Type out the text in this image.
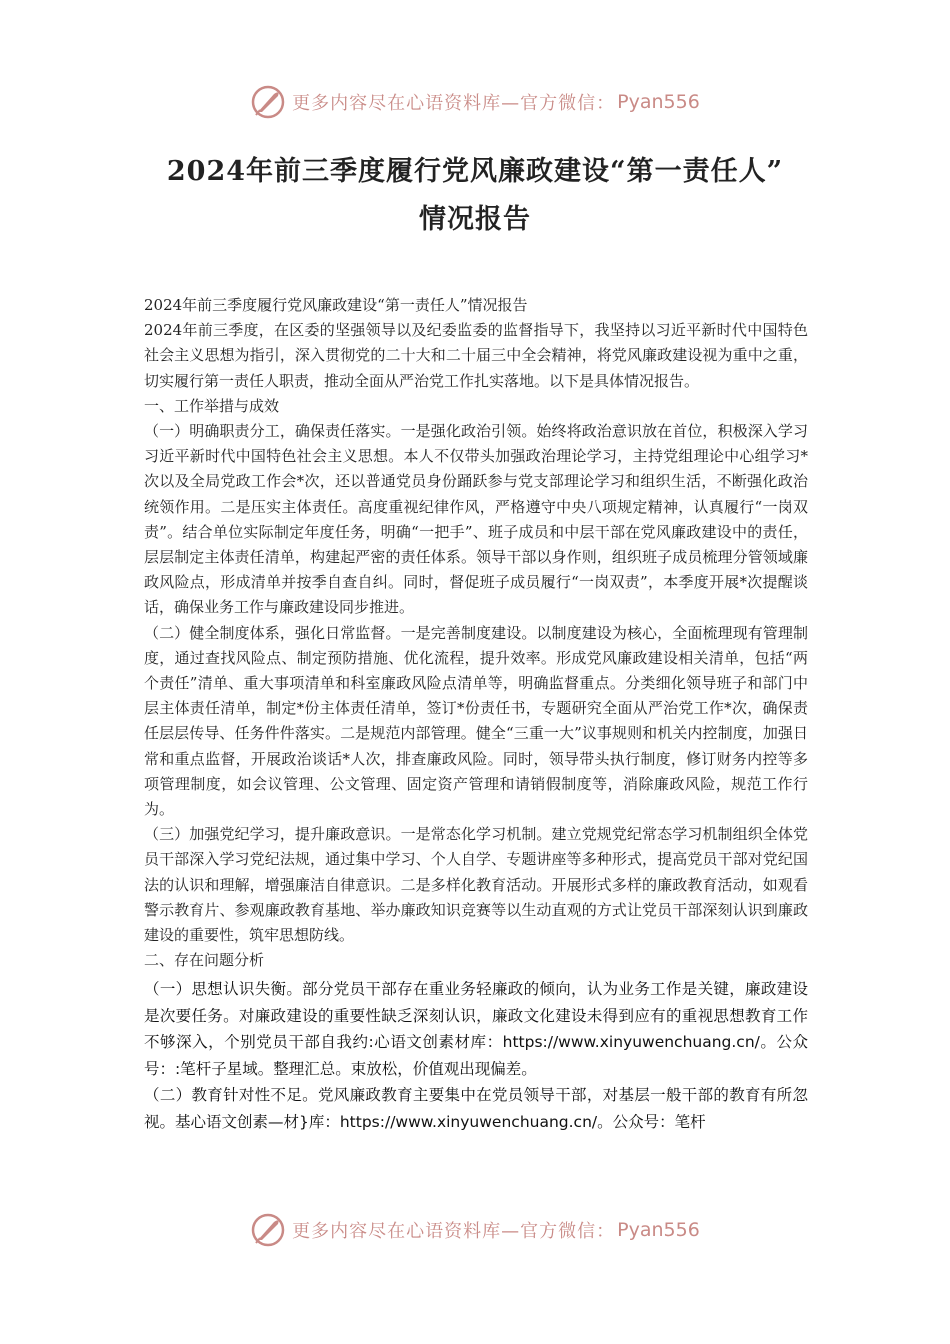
更多内容尽在心语资料库—官方微信： Pyan556
2024年前三季度履行党风廉政建设“第一责任人”
情况报告

2024年前三季度履行党风廉政建设“第一责任人”情况报告

2024年前三季度，在区委的坚强领导以及纪委监委的监督指导下，我坚持以习近平新时代中国特色社会主义思想为指引，深入贯彻党的二十大和二十届三中全会精神，将党风廉政建设视为重中之重，切实履行第一责任人职责，推动全面从严治党工作扎实落地。以下是具体情况报告。

一、工作举措与成效

（一）明确职责分工，确保责任落实。一是强化政治引领。始终将政治意识放在首位，积极深入学习习近平新时代中国特色社会主义思想。本人不仅带头加强政治理论学习，主持党组理论中心组学习*次以及全局党政工作会*次，还以普通党员身份踊跃参与党支部理论学习和组织生活，不断强化政治统领作用。二是压实主体责任。高度重视纪律作风，严格遵守中央八项规定精神，认真履行“一岗双责”。结合单位实际制定年度任务，明确“一把手”、班子成员和中层干部在党风廉政建设中的责任，层层制定主体责任清单，构建起严密的责任体系。领导干部以身作则，组织班子成员梳理分管领域廉政风险点，形成清单并按季自查自纠。同时，督促班子成员履行“一岗双责”，本季度开展*次提醒谈话，确保业务工作与廉政建设同步推进。

（二）健全制度体系，强化日常监督。一是完善制度建设。以制度建设为核心，全面梳理现有管理制度，通过查找风险点、制定预防措施、优化流程，提升效率。形成党风廉政建设相关清单，包括“两个责任”清单、重大事项清单和科室廉政风险点清单等，明确监督重点。分类细化领导班子和部门中层主体责任清单，制定*份主体责任清单，签订*份责任书，专题研究全面从严治党工作*次，确保责任层层传导、任务件件落实。二是规范内部管理。健全“三重一大”议事规则和机关内控制度，加强日常和重点监督，开展政治谈话*人次，排查廉政风险。同时，领导带头执行制度，修订财务内控等多项管理制度，如会议管理、公文管理、固定资产管理和请销假制度等，消除廉政风险，规范工作行为。

（三）加强党纪学习，提升廉政意识。一是常态化学习机制。建立党规党纪常态学习机制组织全体党员干部深入学习党纪法规，通过集中学习、个人自学、专题讲座等多种形式，提高党员干部对党纪国法的认识和理解，增强廉洁自律意识。二是多样化教育活动。开展形式多样的廉政教育活动，如观看警示教育片、参观廉政教育基地、举办廉政知识竞赛等以生动直观的方式让党员干部深刻认识到廉政建设的重要性，筑牢思想防线。

二、存在问题分析

（一）思想认识失衡。部分党员干部存在重业务轻廉政的倾向，认为业务工作是关键，廉政建设是次要任务。对廉政建设的重要性缺乏深刻认识，廉政文化建设未得到应有的重视思想教育工作不够深入，个别党员干部自我约:心语文创素材库：https://www.xinyuwenchuang.cn/。公众号：:笔杆子星域。整理汇总。束放松，价值观出现偏差。

（二）教育针对性不足。党风廉政教育主要集中在党员领导干部，对基层一般干部的教育有所忽视。基心语文创素—材}库：https://www.xinyuwenchuang.cn/。公众号：笔杆

更多内容尽在心语资料库—官方微信： Pyan556
